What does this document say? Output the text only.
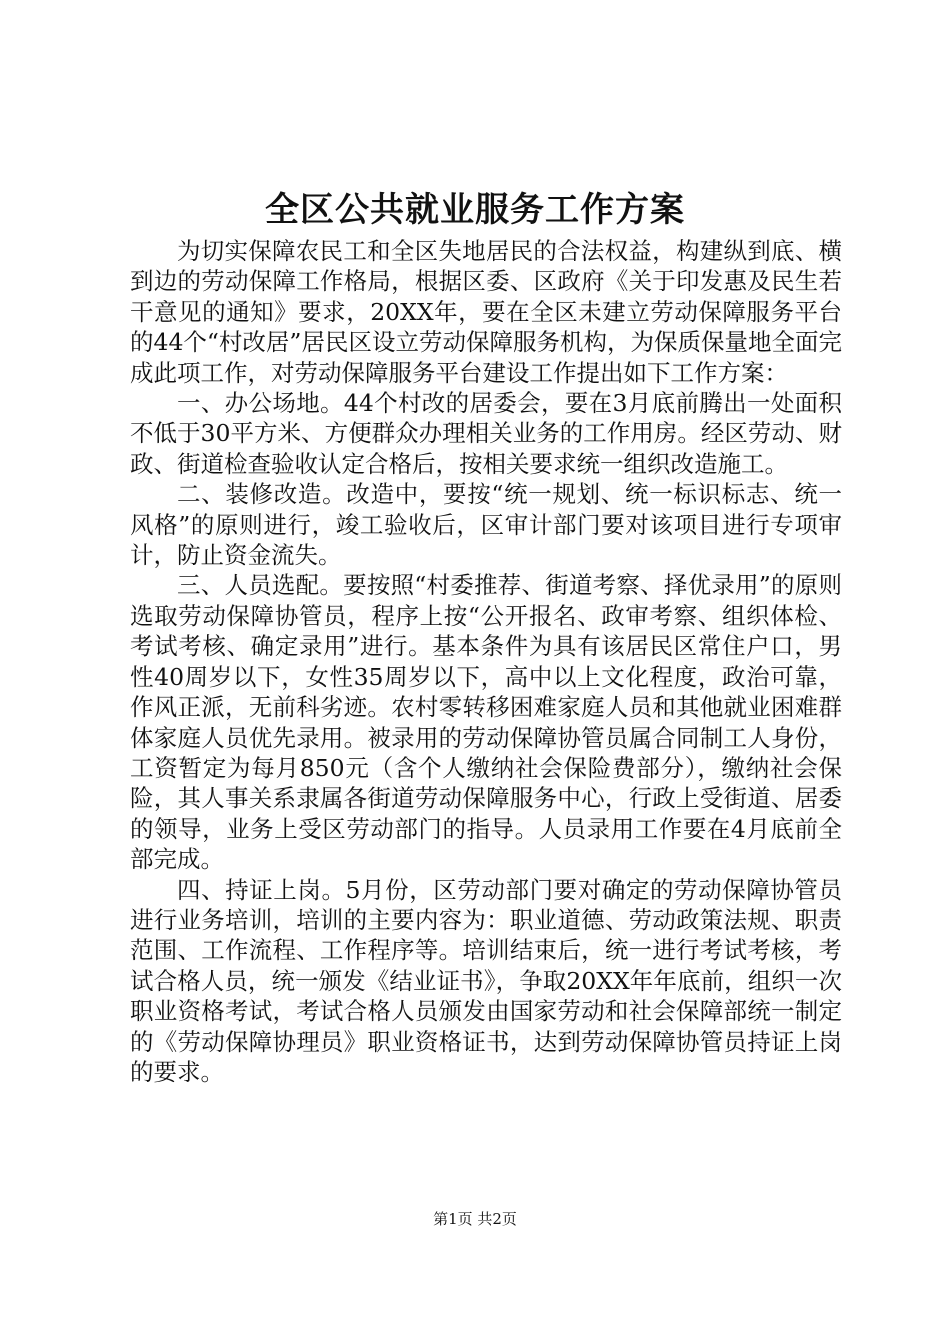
全区公共就业服务工作方案

为切实保障农民工和全区失地居民的合法权益，构建纵到底、横到边的劳动保障工作格局，根据区委、区政府《关于印发惠及民生若干意见的通知》要求，20XX年，要在全区未建立劳动保障服务平台的44个“村改居”居民区设立劳动保障服务机构，为保质保量地全面完成此项工作，对劳动保障服务平台建设工作提出如下工作方案：

一、办公场地。44个村改的居委会，要在3月底前腾出一处面积不低于30平方米、方便群众办理相关业务的工作用房。经区劳动、财政、街道检查验收认定合格后，按相关要求统一组织改造施工。

二、装修改造。改造中，要按“统一规划、统一标识标志、统一风格”的原则进行，竣工验收后，区审计部门要对该项目进行专项审计，防止资金流失。

三、人员选配。要按照“村委推荐、街道考察、择优录用”的原则选取劳动保障协管员，程序上按“公开报名、政审考察、组织体检、考试考核、确定录用”进行。基本条件为具有该居民区常住户口，男性40周岁以下，女性35周岁以下，高中以上文化程度，政治可靠，作风正派，无前科劣迹。农村零转移困难家庭人员和其他就业困难群体家庭人员优先录用。被录用的劳动保障协管员属合同制工人身份，工资暂定为每月850元（含个人缴纳社会保险费部分），缴纳社会保险，其人事关系隶属各街道劳动保障服务中心，行政上受街道、居委的领导，业务上受区劳动部门的指导。人员录用工作要在4月底前全部完成。

四、持证上岗。5月份，区劳动部门要对确定的劳动保障协管员进行业务培训，培训的主要内容为：职业道德、劳动政策法规、职责范围、工作流程、工作程序等。培训结束后，统一进行考试考核，考试合格人员，统一颁发《结业证书》，争取20XX年年底前，组织一次职业资格考试，考试合格人员颁发由国家劳动和社会保障部统一制定的《劳动保障协理员》职业资格证书，达到劳动保障协管员持证上岗的要求。

第1页 共2页
